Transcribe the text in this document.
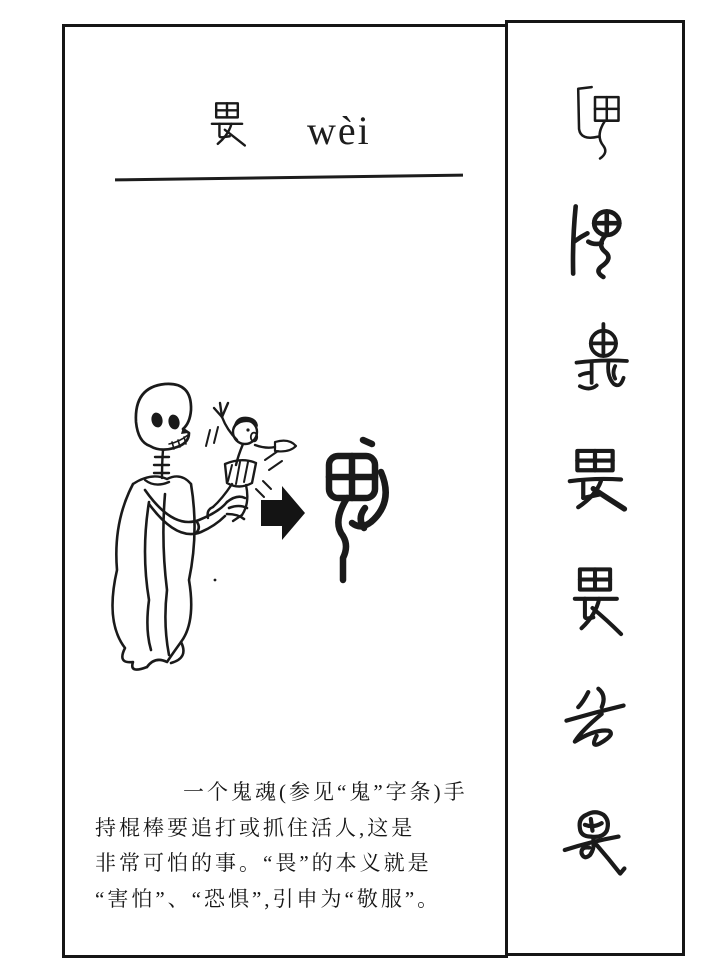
wèi
一个鬼魂(参见“鬼”字条)手
持棍棒要追打或抓住活人,这是
非常可怕的事。“畏”的本义就是
“害怕”、“恐惧”,引申为“敬服”。
